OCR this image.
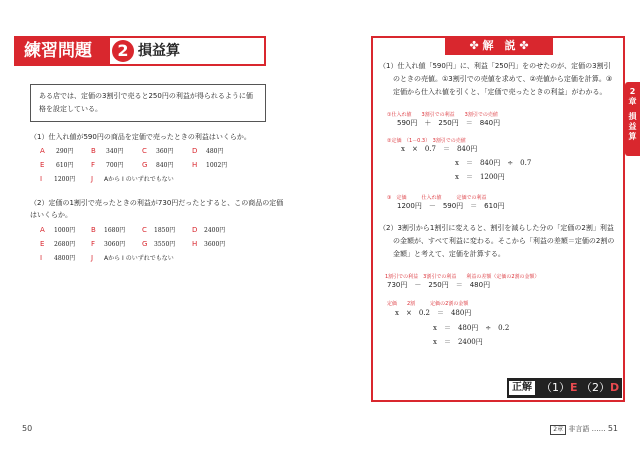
練習問題	2 損益算
ある店では、定価の3割引で売ると250円の利益が得られるように価格を設定している。
（1）仕入れ値が590円の商品を定価で売ったときの利益はいくらか。
A 290円	B 340円	C 360円	D 480円
E 610円	F 700円	G 840円	H 1002円
I 1200円 J Aから I のいずれでもない
（2）定価の1割引で売ったときの利益が730円だったとすると、この商品の定価
はいくらか。
A 1000円 B 1680円 C 1850円 D 2400円
E 2680円 F 3060円 G 3550円 H 3600円
I 4800円 J Aから I のいずれでもない
50
✤ 解　説 ✤
（1）仕入れ値「590円」に、利益「250円」をのせたのが、定価の3割引
のときの売値。①3割引での売値を求めて、②売値から定価を計算。③
定価から仕入れ値を引くと、「定価で売ったときの利益」がわかる。
①仕入れ値　　3割引での利益　　3割引での売値
590円　＋　250円　＝　840円
②定価　（1－0.3）　3割引での売値
x　×　0.7　＝　840円
x　＝　840円　÷　0.7
x　＝　1200円
③　定価　　　仕入れ値　　　定価での利益
1200円　－　590円　＝　610円
（2）3割引から1割引に変えると、割引を減らした分の「定価の2割」利益
の金額が、すべて利益に変わる。そこから「利益の差額＝定価の2割の
金額」と考えて、定価を計算する。
1割引での利益　3割引での利益　　利益の差額（定価の2割の金額）
730円　－　250円　＝　480円
定価　　2割　　　定価の2割の金額
x　×　0.2　＝　480円
x　＝　480円　÷　0.2
x　＝　2400円
正解 （1）E （2）D
2
章
損
益
算
2章 非言語 …… 51
